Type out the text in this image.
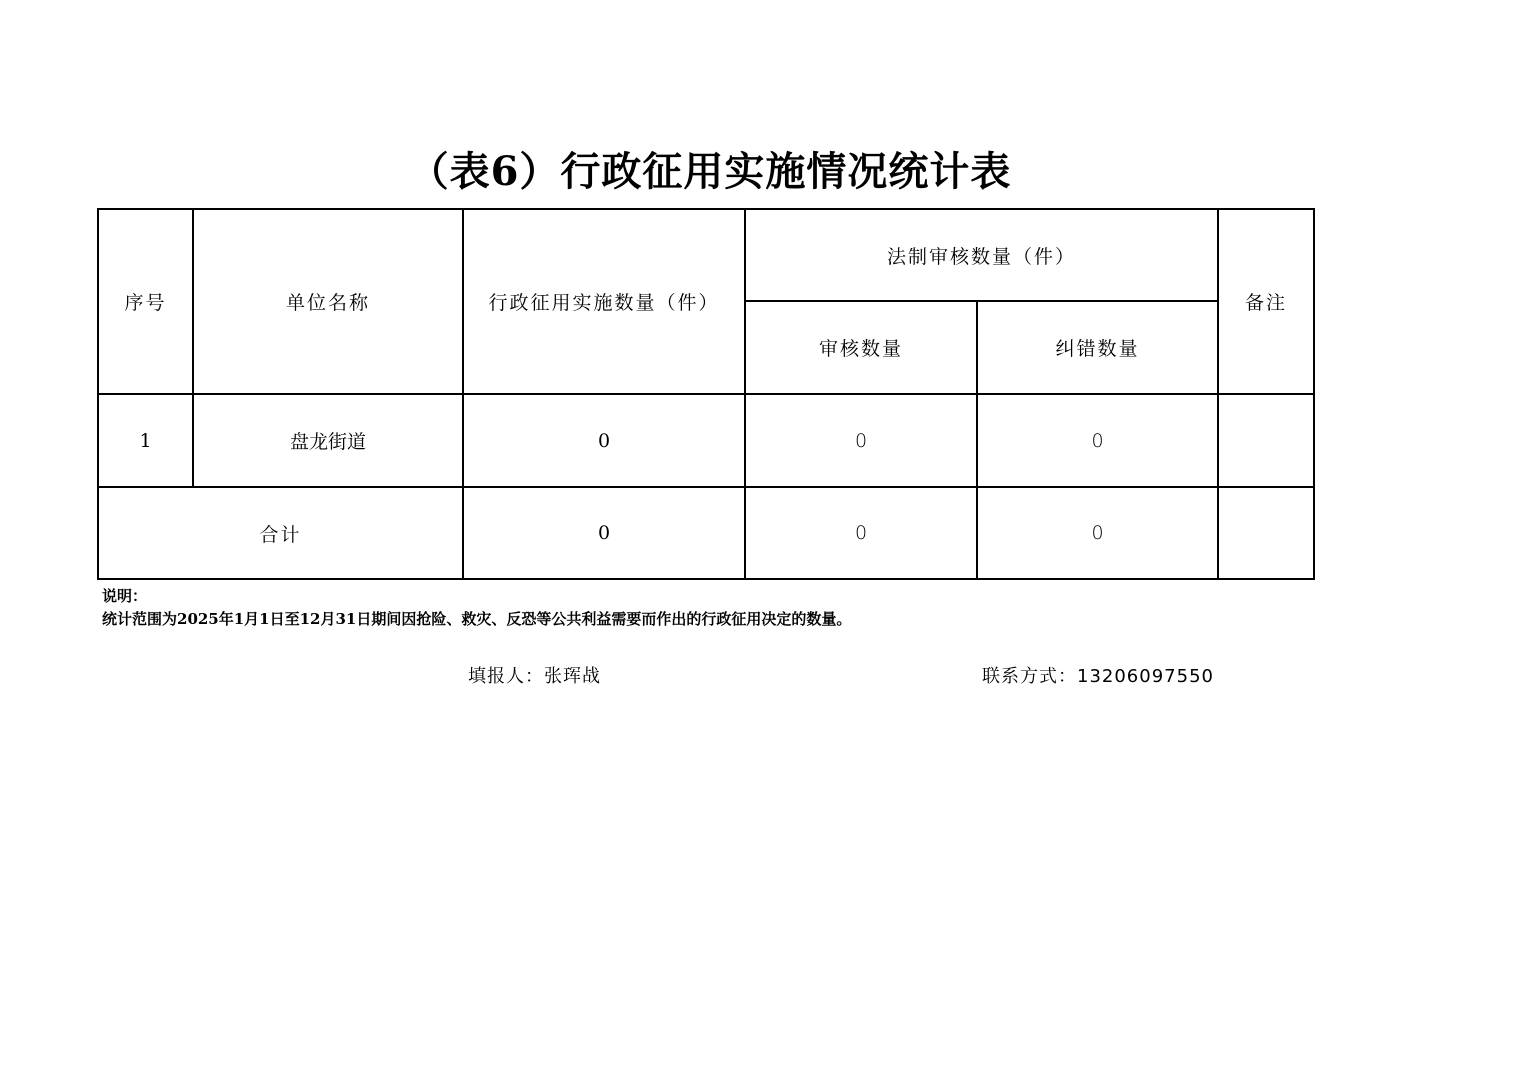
（表6）行政征用实施情况统计表
序号	单位名称	行政征用实施数量（件）	法制审核数量（件）		备注
			审核数量	纠错数量	
1	盘龙街道	0	0	0	
合计		0	0	0	
说明：
统计范围为2025年1月1日至12月31日期间因抢险、救灾、反恐等公共利益需要而作出的行政征用决定的数量。
填报人：张珲战	联系方式：13206097550
